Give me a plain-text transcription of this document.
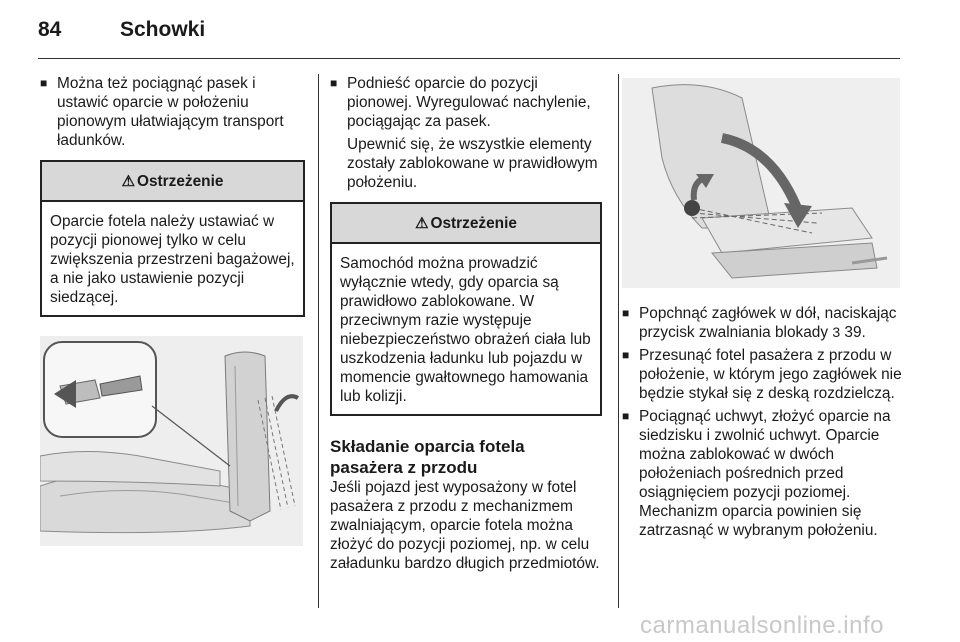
84	Schowki
■ Można też pociągnąć pasek i ustawić oparcie w położeniu pionowym ułatwiającym transport ładunków.
⚠ Ostrzeżenie
Oparcie fotela należy ustawiać w pozycji pionowej tylko w celu zwiększenia przestrzeni bagażowej, a nie jako ustawienie pozycji siedzącej.
■ Podnieść oparcie do pozycji pionowej. Wyregulować nachylenie, pociągając za pasek.
Upewnić się, że wszystkie elementy zostały zablokowane w prawidłowym położeniu.
⚠ Ostrzeżenie
Samochód można prowadzić wyłącznie wtedy, gdy oparcia są prawidłowo zablokowane. W przeciwnym razie występuje niebezpieczeństwo obrażeń ciała lub uszkodzenia ładunku lub pojazdu w momencie gwałtownego hamowania lub kolizji.
Składanie oparcia fotela pasażera z przodu
Jeśli pojazd jest wyposażony w fotel pasażera z przodu z mechanizmem zwalniającym, oparcie fotela można złożyć do pozycji poziomej, np. w celu załadunku bardzo długich przedmiotów.
■ Popchnąć zagłówek w dół, naciskając przycisk zwalniania blokady 3 39.
■ Przesunąć fotel pasażera z przodu w położenie, w którym jego zagłówek nie będzie stykał się z deską rozdzielczą.
■ Pociągnąć uchwyt, złożyć oparcie na siedzisku i zwolnić uchwyt. Oparcie można zablokować w dwóch położeniach pośrednich przed osiągnięciem pozycji poziomej. Mechanizm oparcia powinien się zatrzasnąć w wybranym położeniu.
carmanualsonline.info
